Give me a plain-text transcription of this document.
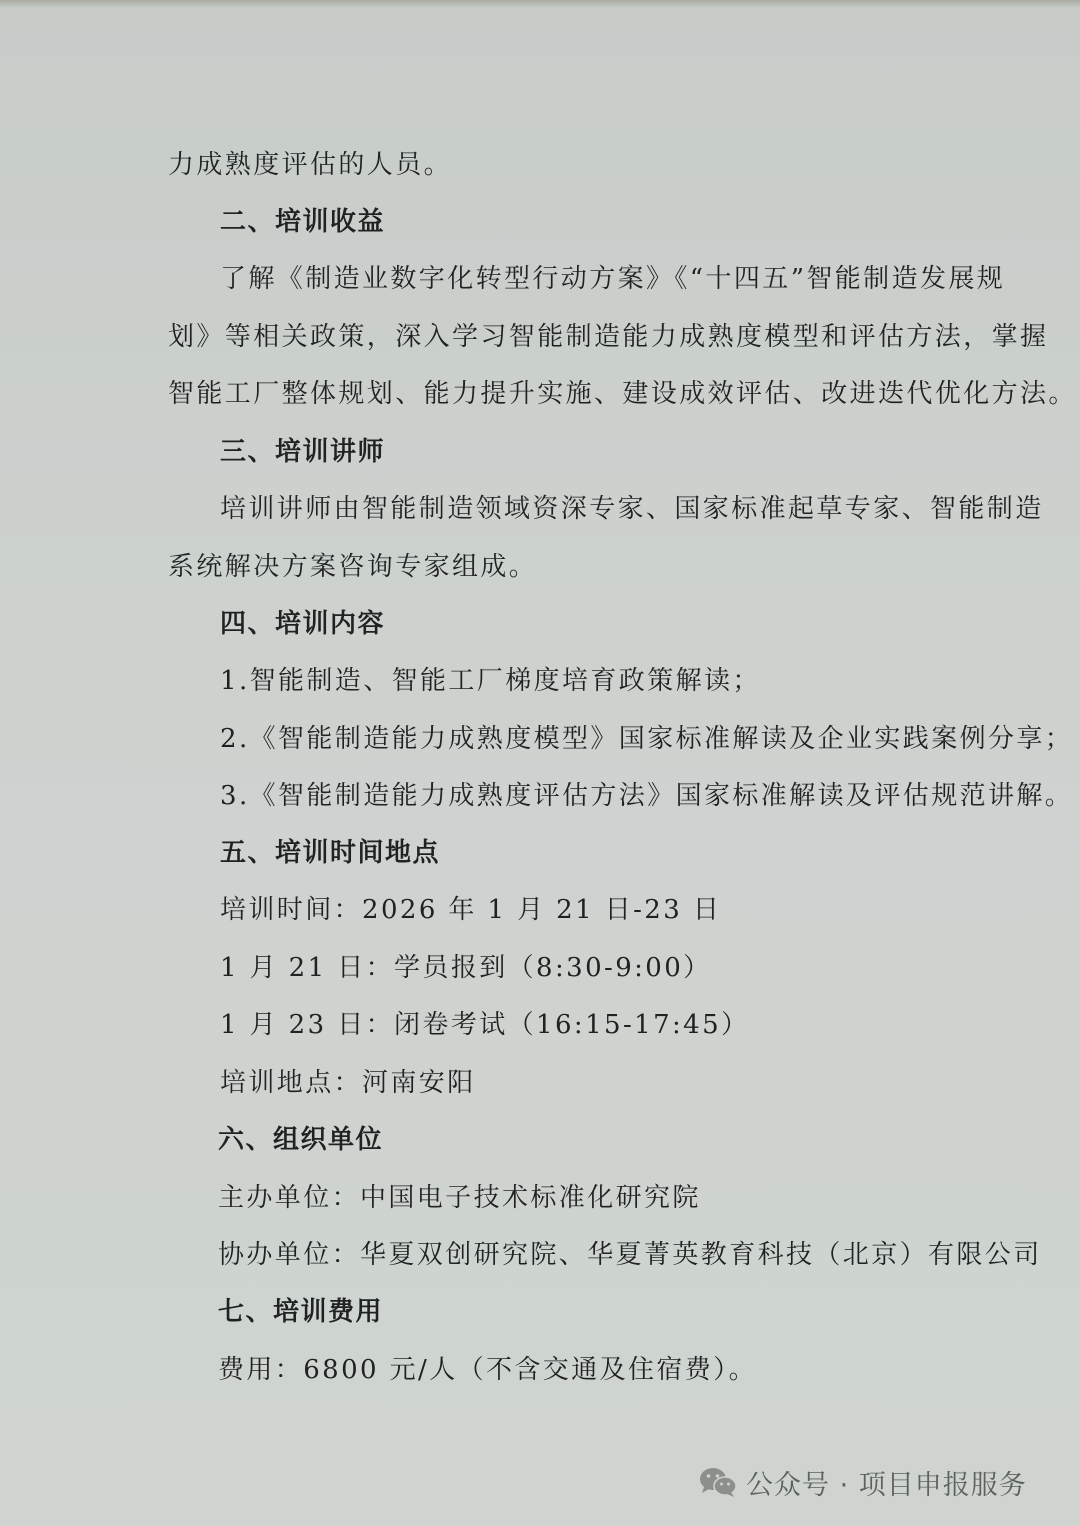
力成熟度评估的人员。
二、培训收益
了解《制造业数字化转型行动方案》《“十四五”智能制造发展规
划》等相关政策，深入学习智能制造能力成熟度模型和评估方法，掌握
智能工厂整体规划、能力提升实施、建设成效评估、改进迭代优化方法。
三、培训讲师
培训讲师由智能制造领域资深专家、国家标准起草专家、智能制造
系统解决方案咨询专家组成。
四、培训内容
1.智能制造、智能工厂梯度培育政策解读；
2.《智能制造能力成熟度模型》国家标准解读及企业实践案例分享；
3.《智能制造能力成熟度评估方法》国家标准解读及评估规范讲解。
五、培训时间地点
培训时间：2026 年 1 月 21 日-23 日
1 月 21 日：学员报到（8:30-9:00）
1 月 23 日：闭卷考试（16:15-17:45）
培训地点：河南安阳
六、组织单位
主办单位：中国电子技术标准化研究院
协办单位：华夏双创研究院、华夏菁英教育科技（北京）有限公司
七、培训费用
费用：6800 元/人（不含交通及住宿费）。
公众号 · 项目申报服务
